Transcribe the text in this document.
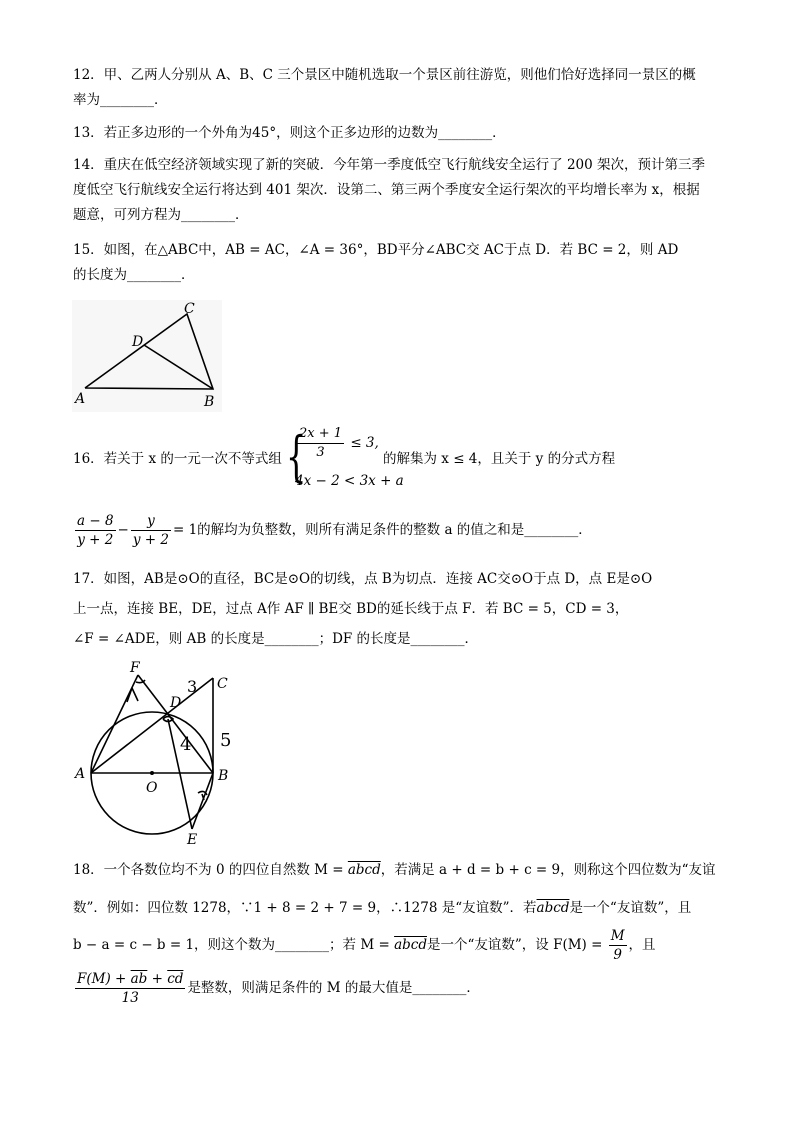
12．甲、乙两人分别从 A、B、C 三个景区中随机选取一个景区前往游览，则他们恰好选择同一景区的概
率为________．
13．若正多边形的一个外角为45°，则这个正多边形的边数为________．
14．重庆在低空经济领域实现了新的突破．今年第一季度低空飞行航线安全运行了 200 架次，预计第三季
度低空飞行航线安全运行将达到 401 架次．设第二、第三两个季度安全运行架次的平均增长率为 x，根据
题意，可列方程为________．
15．如图，在△ABC中，AB = AC，∠A = 36°，BD平分∠ABC交 AC于点 D．若 BC = 2，则 AD
的长度为________．
C
D
A	B
16．若关于 x 的一元一次不等式组 {
$\frac{2x + 1}{3} \le 3$,
4x − 2 < 3x + a
的解集为 x ≤ 4，且关于 y 的分式方程
$\frac{a - 8}{y + 2} - \frac{y}{y + 2} = 1$的解均为负整数，则所有满足条件的整数 a 的值之和是________．
17．如图，AB是⊙O的直径，BC是⊙O的切线，点 B为切点．连接 AC交⊙O于点 D，点 E是⊙O
上一点，连接 BE，DE，过点 A作 AF ∥ BE交 BD的延长线于点 F．若 BC = 5，CD = 3，
∠F = ∠ADE，则 AB 的长度是________；DF 的长度是________．
F
D
C
A
O
B
E
3
4 5
18．一个各数位均不为 0 的四位自然数 M = abcd，若满足 a + d = b + c = 9，则称这个四位数为“友谊
数”．例如：四位数 1278，∵1 + 8 = 2 + 7 = 9，∴1278 是“友谊数”．若abcd是一个“友谊数”，且
b − a = c − b = 1，则这个数为________；若 M = abcd是一个“友谊数”，设 $F(M) = \frac{M}{9}$ ，且
$\frac{F(M) + \overline{ab} + \overline{cd}}{13}$ 是整数，则满足条件的 M 的最大值是________．
